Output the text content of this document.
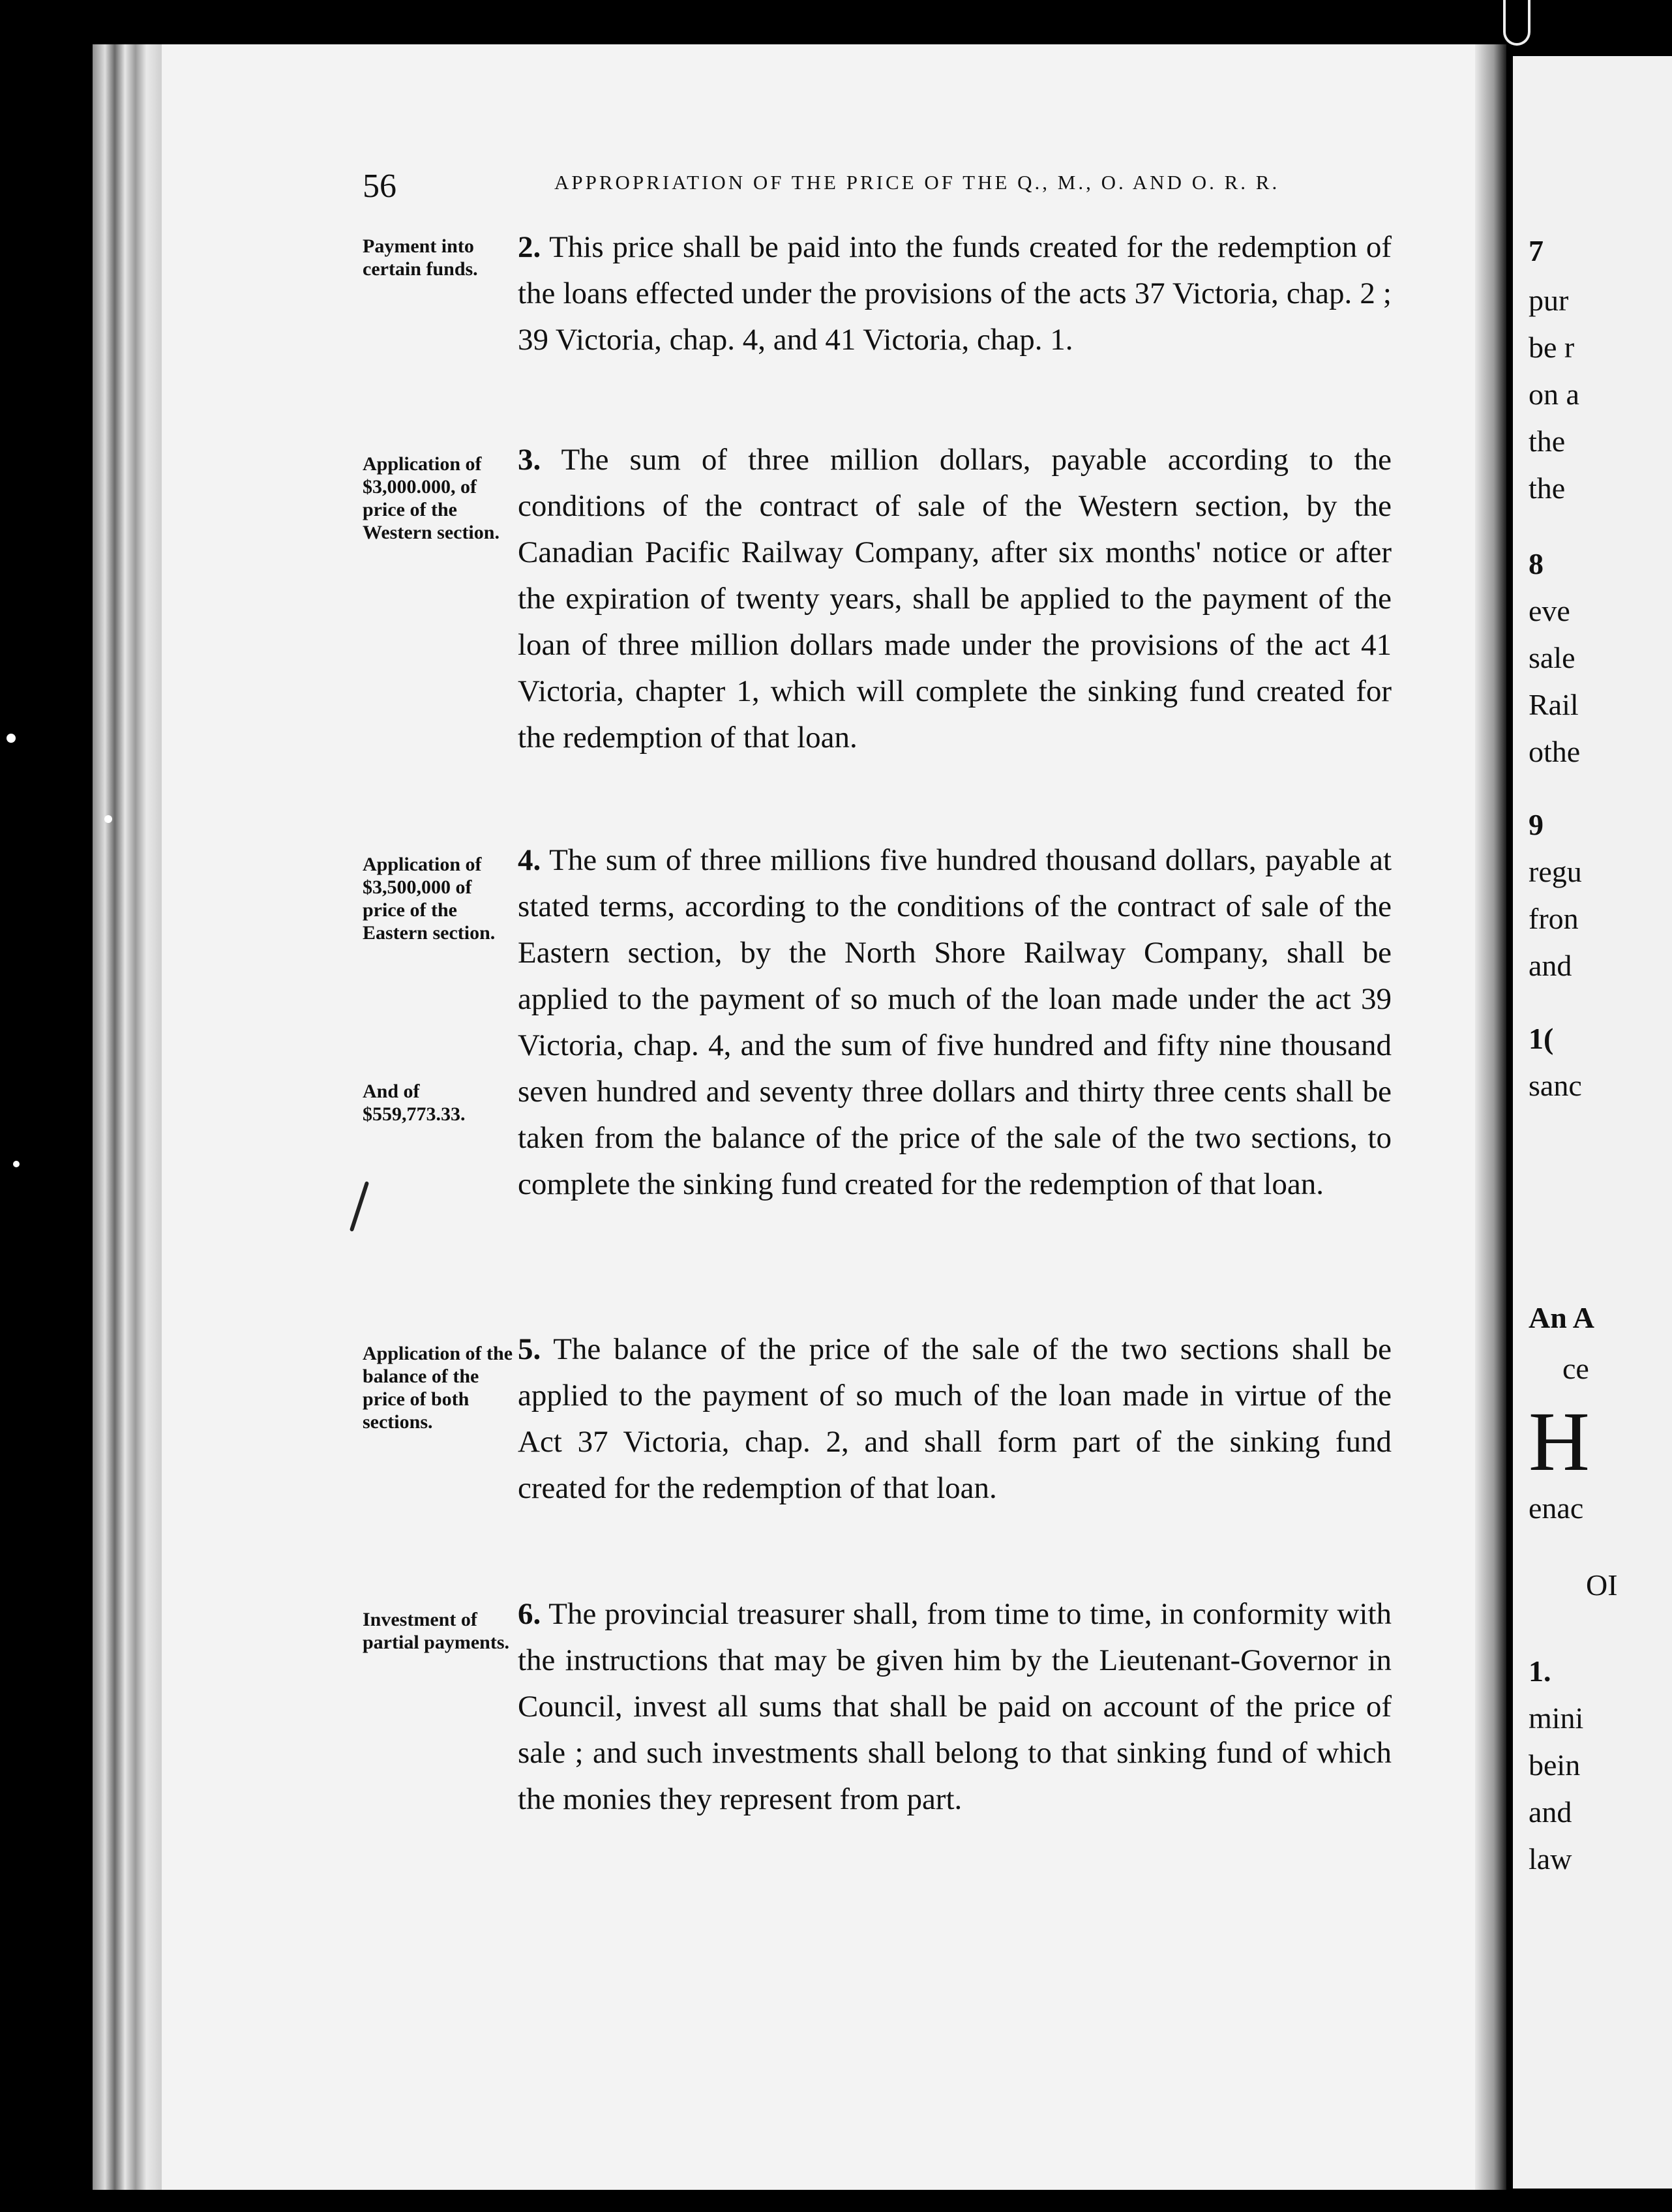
7
pur
be r
on a
the
the
8
eve
sale
Rail
othe
9
regu
fron
and
1(
sanc
An A
ce
H
enac
OI
1.
mini
bein
and
law
56	APPROPRIATION OF THE PRICE OF THE Q., M., O. AND O. R. R.
Payment into certain funds.
2. This price shall be paid into the funds created for the redemption of the loans effected under the provisions of the acts 37 Victoria, chap. 2 ; 39 Victoria, chap. 4, and 41 Victoria, chap. 1.
Application of $3,000.000, of price of the Western section.
3. The sum of three million dollars, payable according to the conditions of the contract of sale of the Western section, by the Canadian Pacific Railway Company, after six months' notice or after the expiration of twenty years, shall be applied to the payment of the loan of three million dollars made under the provisions of the act 41 Victoria, chapter 1, which will complete the sinking fund created for the redemption of that loan.
Application of $3,500,000 of price of the Eastern section.
And of $559,773.33.
4. The sum of three millions five hundred thousand dollars, payable at stated terms, according to the conditions of the contract of sale of the Eastern section, by the North Shore Railway Company, shall be applied to the payment of so much of the loan made under the act 39 Victoria, chap. 4, and the sum of five hundred and fifty nine thousand seven hundred and seventy three dollars and thirty three cents shall be taken from the balance of the price of the sale of the two sections, to complete the sinking fund created for the redemption of that loan.
Application of the balance of the price of both sections.
5. The balance of the price of the sale of the two sections shall be applied to the payment of so much of the loan made in virtue of the Act 37 Victoria, chap. 2, and shall form part of the sinking fund created for the redemption of that loan.
Investment of partial payments.
6. The provincial treasurer shall, from time to time, in conformity with the instructions that may be given him by the Lieutenant-Governor in Council, invest all sums that shall be paid on account of the price of sale ; and such investments shall belong to that sinking fund of which the monies they represent from part.
